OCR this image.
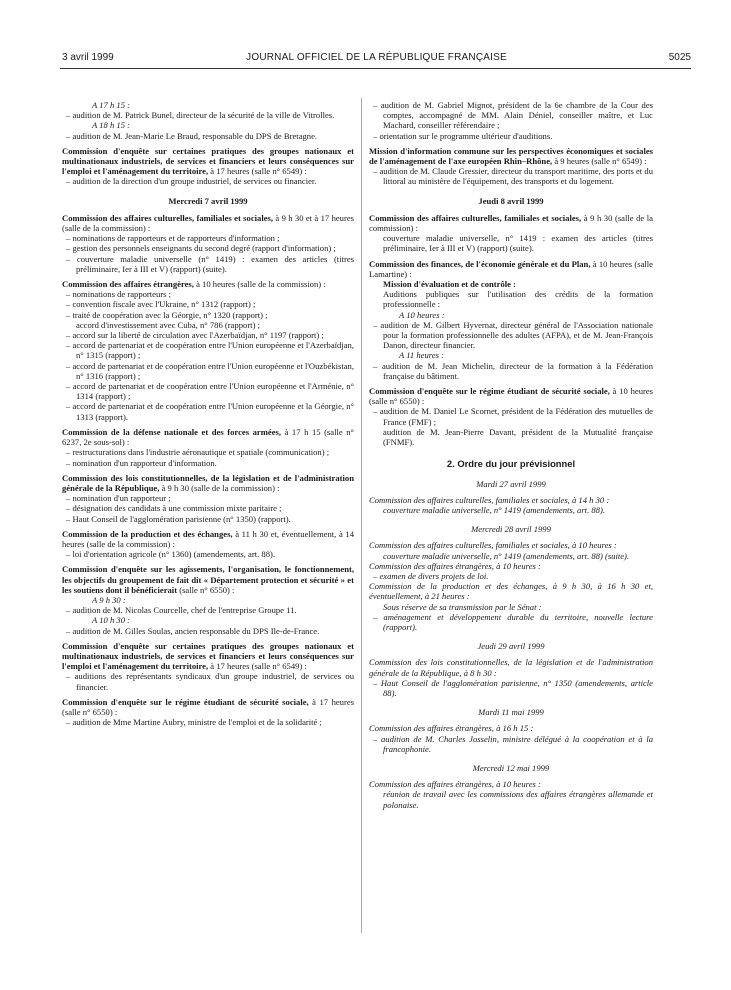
3 avril 1999	JOURNAL OFFICIEL DE LA RÉPUBLIQUE FRANÇAISE	5025
A 17 h 15 :
– audition de M. Patrick Bunel, directeur de la sécurité de la ville de Vitrolles.
A 18 h 15 :
– audition de M. Jean-Marie Le Braud, responsable du DPS de Bretagne.
Commission d'enquête sur certaines pratiques des groupes nationaux et multinationaux industriels, de services et financiers et leurs conséquences sur l'emploi et l'aménagement du territoire, à 17 heures (salle n° 6549) :
– audition de la direction d'un groupe industriel, de services ou financier.
Mercredi 7 avril 1999
Commission des affaires culturelles, familiales et sociales, à 9 h 30 et à 17 heures (salle de la commission) :
– nominations de rapporteurs et de rapporteurs d'information ;
– gestion des personnels enseignants du second degré (rapport d'information) ;
– couverture maladie universelle (n° 1419) : examen des articles (titres préliminaire, Ier à III et V) (rapport) (suite).
Commission des affaires étrangères, à 10 heures (salle de la commission) :
– nominations de rapporteurs ;
– convention fiscale avec l'Ukraine, n° 1312 (rapport) ;
– traité de coopération avec la Géorgie, n° 1320 (rapport) ;
accord d'investissement avec Cuba, n° 786 (rapport) ;
– accord sur la liberté de circulation avec l'Azerbaïdjan, n° 1197 (rapport) ;
– accord de partenariat et de coopération entre l'Union européenne et l'Azerbaïdjan, n° 1315 (rapport) ;
– accord de partenariat et de coopération entre l'Union européenne et l'Ouzbékistan, n° 1316 (rapport) ;
– accord de partenariat et de coopération entre l'Union européenne et l'Arménie, n° 1314 (rapport) ;
– accord de partenariat et de coopération entre l'Union européenne et la Géorgie, n° 1313 (rapport).
Commission de la défense nationale et des forces armées, à 17 h 15 (salle n° 6237, 2e sous-sol) :
– restructurations dans l'industrie aéronautique et spatiale (communication) ;
– nomination d'un rapporteur d'information.
Commission des lois constitutionnelles, de la législation et de l'administration générale de la République, à 9 h 30 (salle de la commission) :
– nomination d'un rapporteur ;
– désignation des candidats à une commission mixte paritaire ;
– Haut Conseil de l'agglomération parisienne (n° 1350) (rapport).
Commission de la production et des échanges, à 11 h 30 et, éventuellement, à 14 heures (salle de la commission) :
– loi d'orientation agricole (n° 1360) (amendements, art. 88).
Commission d'enquête sur les agissements, l'organisation, le fonctionnement, les objectifs du groupement de fait dit « Département protection et sécurité » et les soutiens dont il bénéficierait (salle n° 6550) :
A 9 h 30 :
– audition de M. Nicolas Courcelle, chef de l'entreprise Groupe 11.
A 10 h 30 :
– audition de M. Gilles Soulas, ancien responsable du DPS Ile-de-France.
Commission d'enquête sur certaines pratiques des groupes nationaux et multinationaux industriels, de services et financiers et leurs conséquences sur l'emploi et l'aménagement du territoire, à 17 heures (salle n° 6549) :
– auditions des représentants syndicaux d'un groupe industriel, de services ou financier.
Commission d'enquête sur le régime étudiant de sécurité sociale, à 17 heures (salle n° 6550) :
– audition de Mme Martine Aubry, ministre de l'emploi et de la solidarité ;
– audition de M. Gabriel Mignot, président de la 6e chambre de la Cour des comptes, accompagné de MM. Alain Déniel, conseiller maître, et Luc Machard, conseiller référendaire ;
– orientation sur le programme ultérieur d'auditions.
Mission d'information commune sur les perspectives économiques et sociales de l'aménagement de l'axe européen Rhin–Rhône, à 9 heures (salle n° 6549) :
– audition de M. Claude Gressier, directeur du transport maritime, des ports et du littoral au ministère de l'équipement, des transports et du logement.
Jeudi 8 avril 1999
Commission des affaires culturelles, familiales et sociales, à 9 h 30 (salle de la commission) :
couverture maladie universelle, n° 1419 : examen des articles (titres préliminaire, Ier à III et V) (rapport) (suite).
Commission des finances, de l'économie générale et du Plan, à 10 heures (salle Lamartine) :
Mission d'évaluation et de contrôle :
Auditions publiques sur l'utilisation des crédits de la formation professionnelle :
A 10 heures :
– audition de M. Gilbert Hyvernat, directeur général de l'Association nationale pour la formation professionnelle des adultes (AFPA), et de M. Jean-François Danon, directeur financier.
A 11 heures :
– audition de M. Jean Michelin, directeur de la formation à la Fédération française du bâtiment.
Commission d'enquête sur le régime étudiant de sécurité sociale, à 10 heures (salle n° 6550) :
– audition de M. Daniel Le Scornet, président de la Fédération des mutuelles de France (FMF) ;
audition de M. Jean-Pierre Davant, président de la Mutualité française (FNMF).
2. Ordre du jour prévisionnel
Mardi 27 avril 1999
Commission des affaires culturelles, familiales et sociales, à 14 h 30 :
couverture maladie universelle, n° 1419 (amendements, art. 88).
Mercredi 28 avril 1999
Commission des affaires culturelles, familiales et sociales, à 10 heures :
couverture maladie universelle, n° 1419 (amendements, art. 88) (suite).
Commission des affaires étrangères, à 10 heures :
– examen de divers projets de loi.
Commission de la production et des échanges, à 9 h 30, à 16 h 30 et, éventuellement, à 21 heures :
Sous réserve de sa transmission par le Sénat :
– aménagement et développement durable du territoire, nouvelle lecture (rapport).
Jeudi 29 avril 1999
Commission des lois constitutionnelles, de la législation et de l'administration générale de la République, à 8 h 30 :
– Haut Conseil de l'agglomération parisienne, n° 1350 (amendements, article 88).
Mardi 11 mai 1999
Commission des affaires étrangères, à 16 h 15 :
– audition de M. Charles Josselin, ministre délégué à la coopération et à la francophonie.
Mercredi 12 mai 1999
Commission des affaires étrangères, à 10 heures :
réunion de travail avec les commissions des affaires étrangères allemande et polonaise.
